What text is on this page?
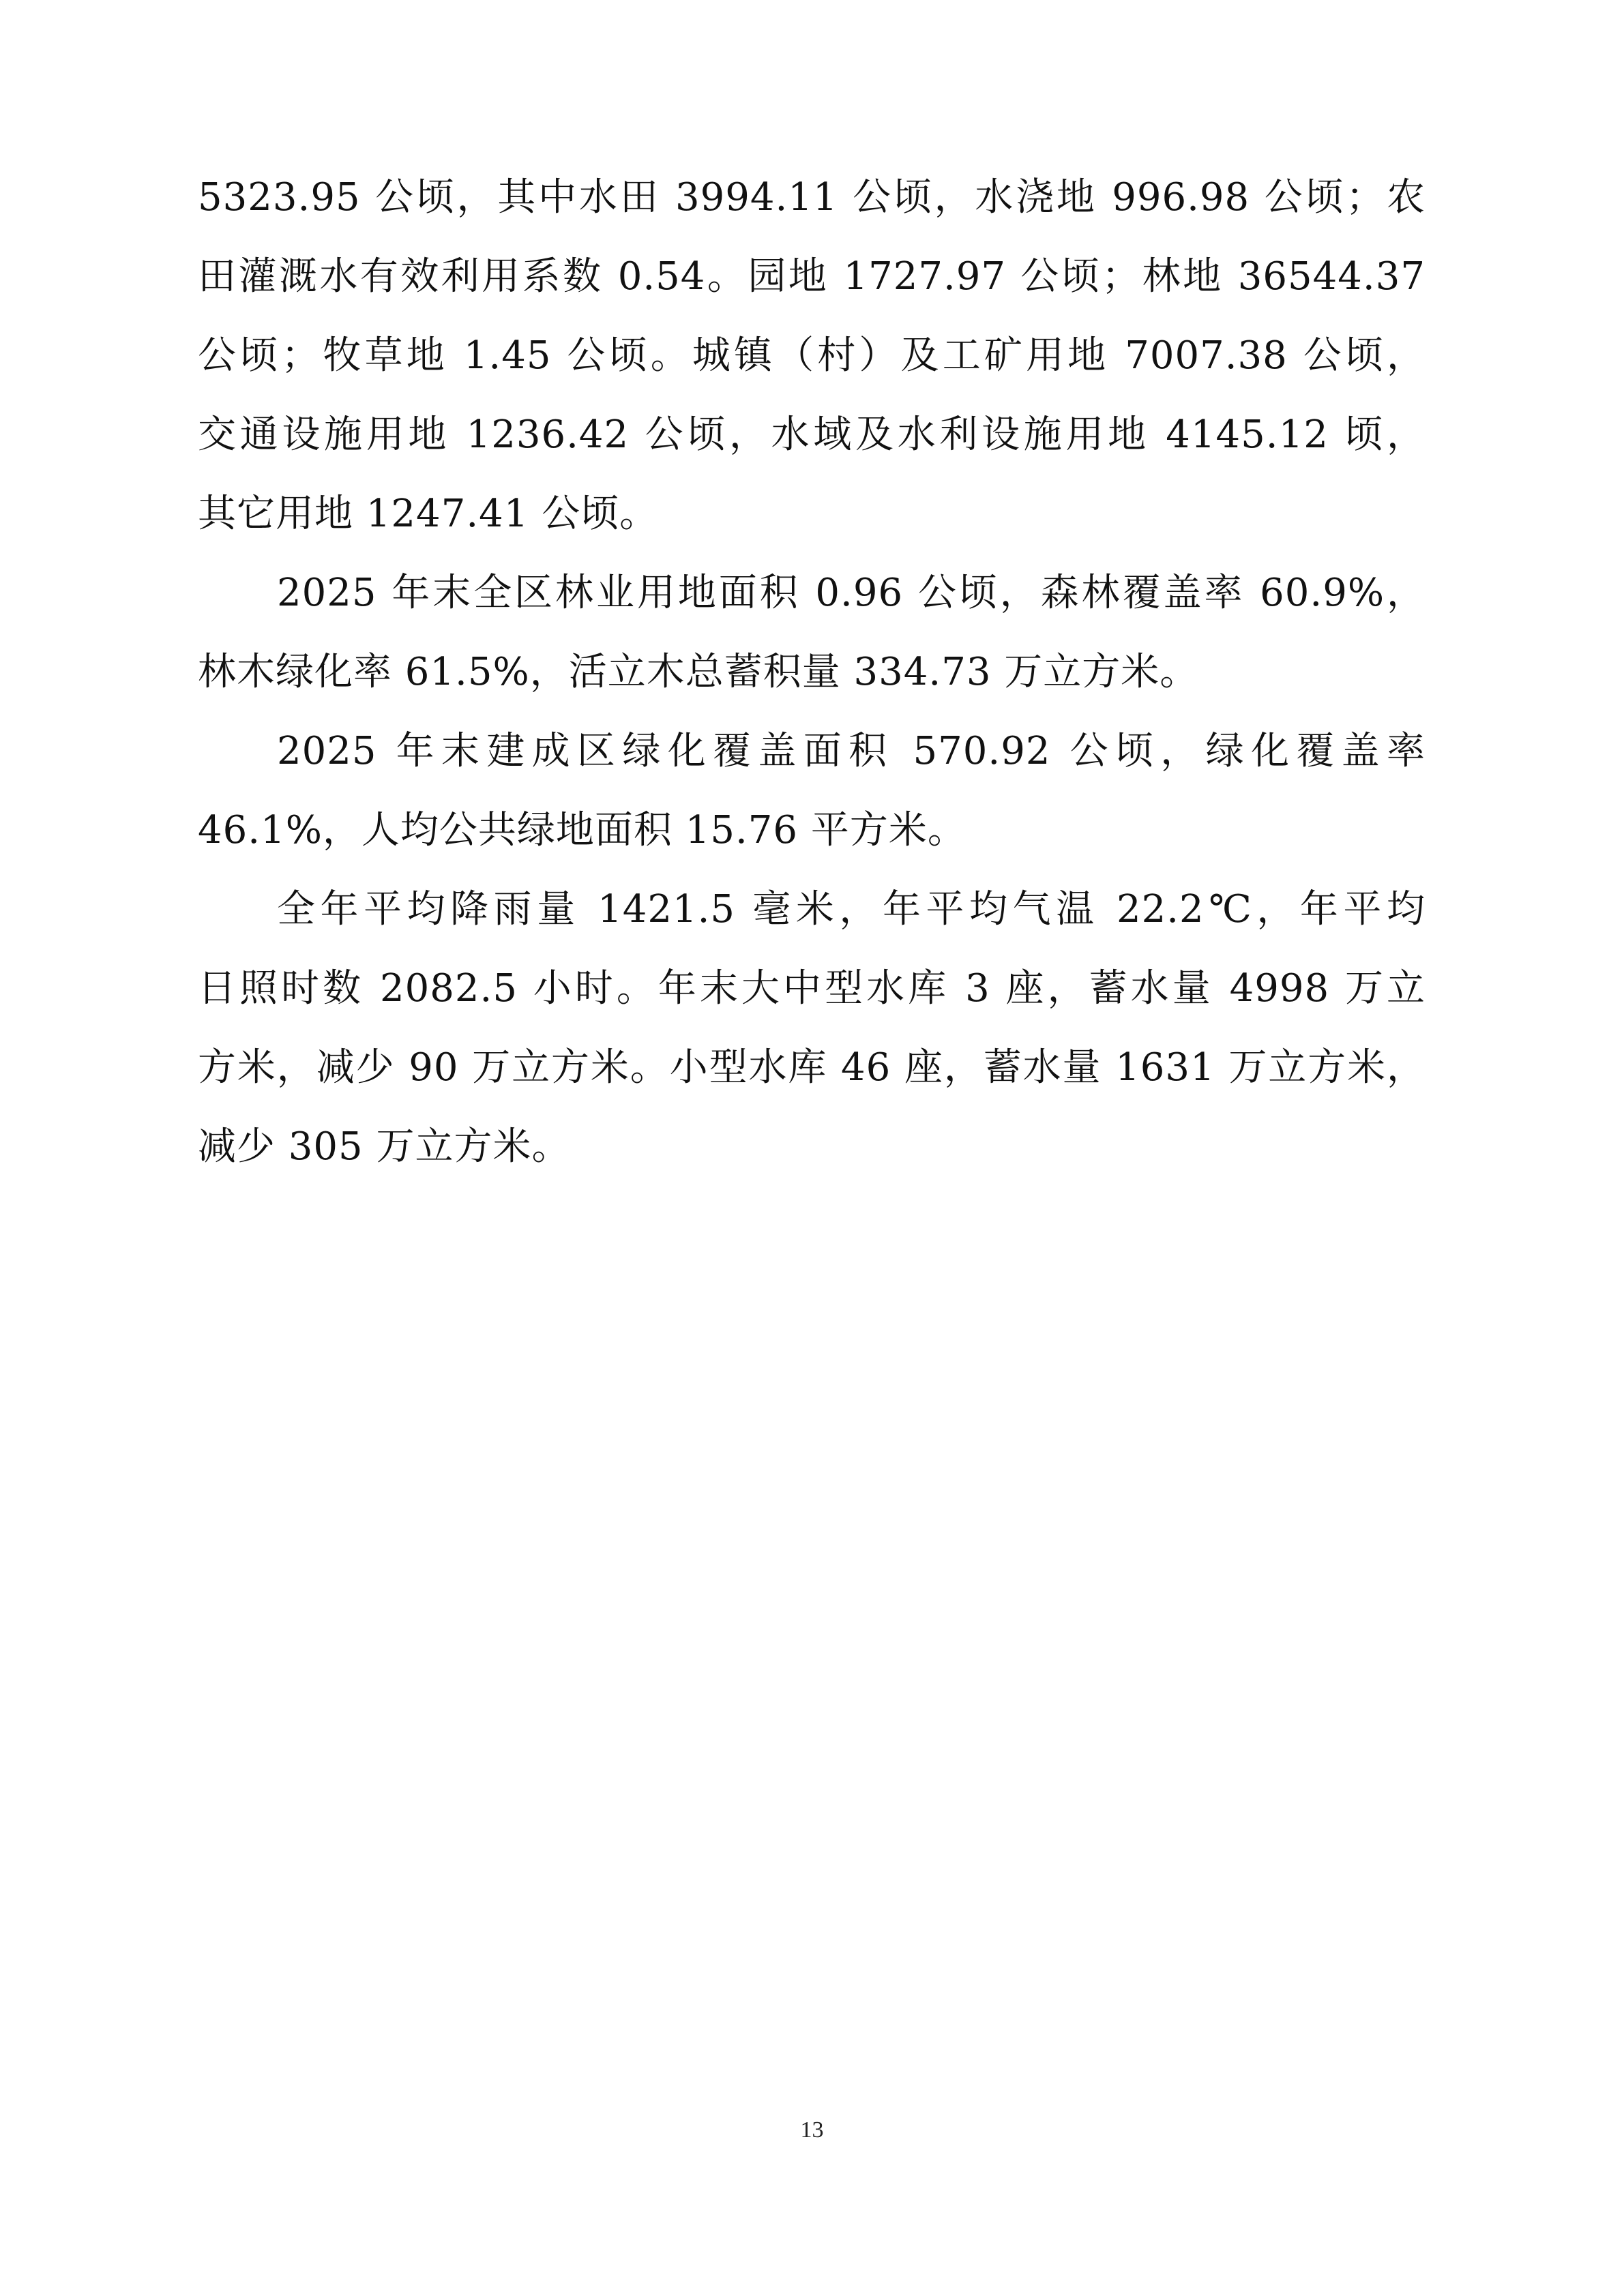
5323.95 公顷，其中水田 3994.11 公顷，水浇地 996.98 公顷；农
田灌溉水有效利用系数 0.54。园地 1727.97 公顷；林地 36544.37
公顷；牧草地 1.45 公顷。城镇（村）及工矿用地 7007.38 公顷，
交通设施用地 1236.42 公顷，水域及水利设施用地 4145.12 顷，
其它用地 1247.41 公顷。
2025 年末全区林业用地面积 0.96 公顷，森林覆盖率 60.9%，
林木绿化率 61.5%，活立木总蓄积量 334.73 万立方米。
2025 年末建成区绿化覆盖面积 570.92 公顷，绿化覆盖率
46.1%，人均公共绿地面积 15.76 平方米。
全年平均降雨量 1421.5 毫米，年平均气温 22.2℃，年平均
日照时数 2082.5 小时。年末大中型水库 3 座，蓄水量 4998 万立
方米，减少 90 万立方米。小型水库 46 座，蓄水量 1631 万立方米，
减少 305 万立方米。
13
